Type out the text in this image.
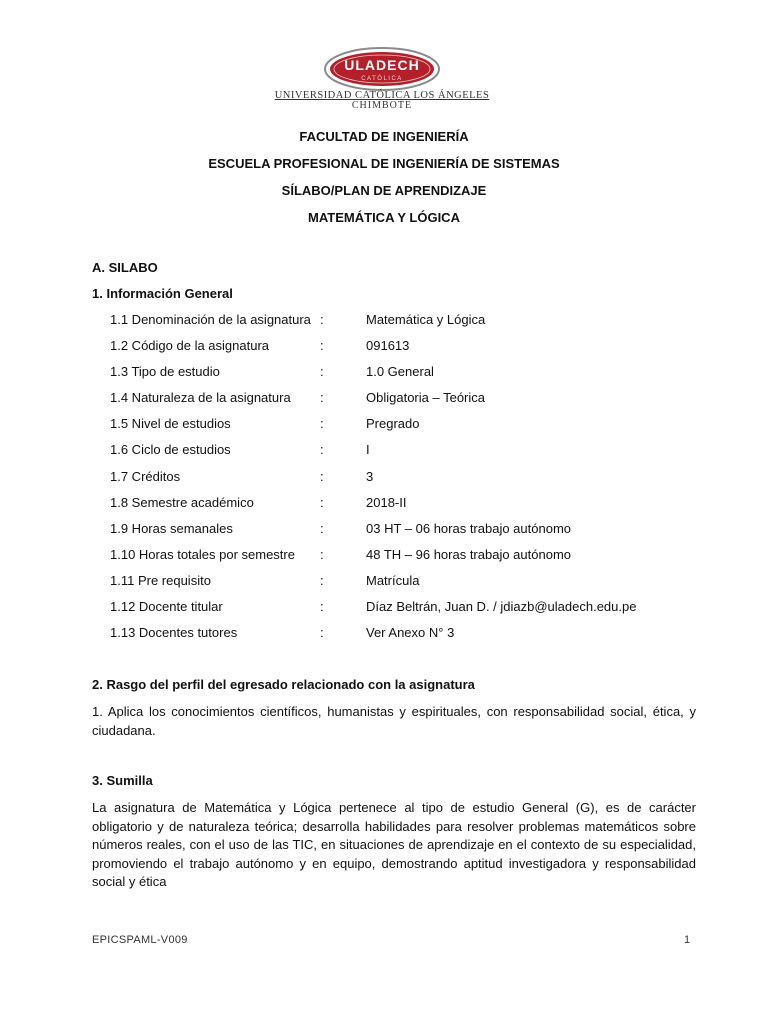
ULADECH
CATÓLICA
UNIVERSIDAD CATÓLICA LOS ÁNGELES
CHIMBOTE
FACULTAD DE INGENIERÍA
ESCUELA PROFESIONAL DE INGENIERÍA DE SISTEMAS
SÍLABO/PLAN DE APRENDIZAJE
MATEMÁTICA Y LÓGICA
A. SILABO
1. Información General
1.1 Denominación de la asignatura :	Matemática y Lógica
1.2 Código de la asignatura	:	091613
1.3 Tipo de estudio	:	1.0 General
1.4 Naturaleza de la asignatura	:	Obligatoria – Teórica
1.5 Nivel de estudios	:	Pregrado
1.6 Ciclo de estudios	:	I
1.7 Créditos	:	3
1.8 Semestre académico	:	2018-II
1.9 Horas semanales	:	03 HT – 06 horas trabajo autónomo
1.10 Horas totales por semestre	:	48 TH – 96 horas trabajo autónomo
1.11 Pre requisito	:	Matrícula
1.12 Docente titular	:	Díaz Beltrán, Juan D. / jdiazb@uladech.edu.pe
1.13 Docentes tutores	:	Ver Anexo N° 3
2. Rasgo del perfil del egresado relacionado con la asignatura
1. Aplica los conocimientos científicos, humanistas y espirituales, con responsabilidad social, ética, y ciudadana.
3. Sumilla
La asignatura de Matemática y Lógica pertenece al tipo de estudio General (G), es de carácter obligatorio y de naturaleza teórica; desarrolla habilidades para resolver problemas matemáticos sobre números reales, con el uso de las TIC, en situaciones de aprendizaje en el contexto de su especialidad, promoviendo el trabajo autónomo y en equipo, demostrando aptitud investigadora y responsabilidad social y ética
EPICSPAML-V009	1
